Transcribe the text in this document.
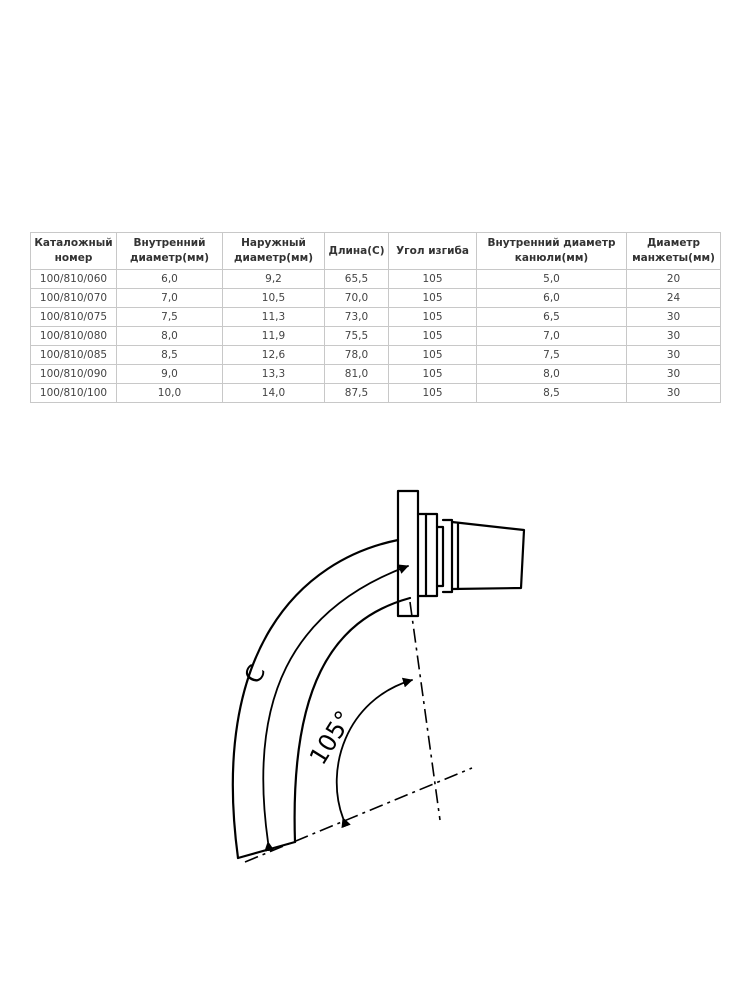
Каталожный номер	Внутренний диаметр(мм)	Наружный диаметр(мм)	Длина(С)	Угол изгиба	Внутренний диаметр канюли(мм)	Диаметр манжеты(мм)
100/810/060	6,0	9,2	65,5	105	5,0	20
100/810/070	7,0	10,5	70,0	105	6,0	24
100/810/075	7,5	11,3	73,0	105	6,5	30
100/810/080	8,0	11,9	75,5	105	7,0	30
100/810/085	8,5	12,6	78,0	105	7,5	30
100/810/090	9,0	13,3	81,0	105	8,0	30
100/810/100	10,0	14,0	87,5	105	8,5	30
C
105°
